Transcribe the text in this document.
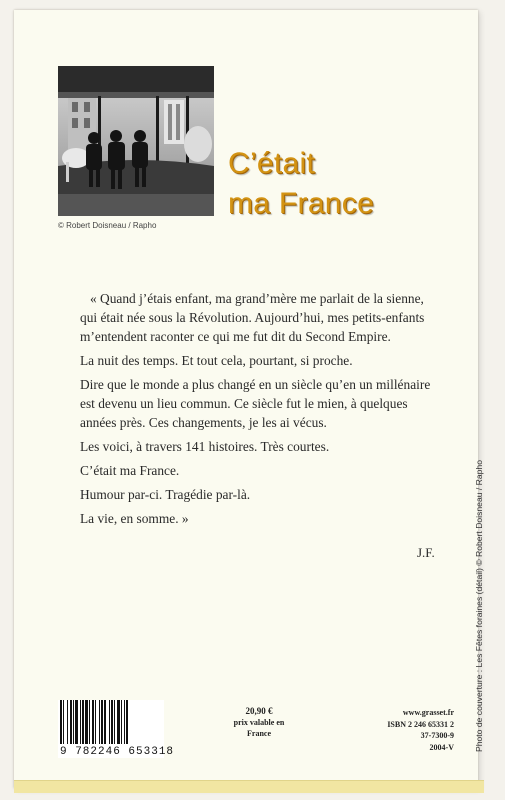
© Robert Doisneau / Rapho
C’était
ma France

« Quand j’étais enfant, ma grand’mère me parlait de la sienne, qui était née sous la Révolution. Aujourd’hui, mes petits-enfants m’entendent raconter ce qui me fut dit du Second Empire.

La nuit des temps. Et tout cela, pourtant, si proche.

Dire que le monde a plus changé en un siècle qu’en un millénaire est devenu un lieu commun. Ce siècle fut le mien, à quelques années près. Ces changements, je les ai vécus.

Les voici, à travers 141 histoires. Très courtes.

C’était ma France.

Humour par-ci. Tragédie par-là.

La vie, en somme. »

J.F.	Photo de couverture : Les Fêtes foraines (détail) © Robert Doisneau / Rapho
9 782246 653318
20,90 €
prix valable en
France
www.grasset.fr
ISBN 2 246 65331 2
37-7300-9
2004-V
